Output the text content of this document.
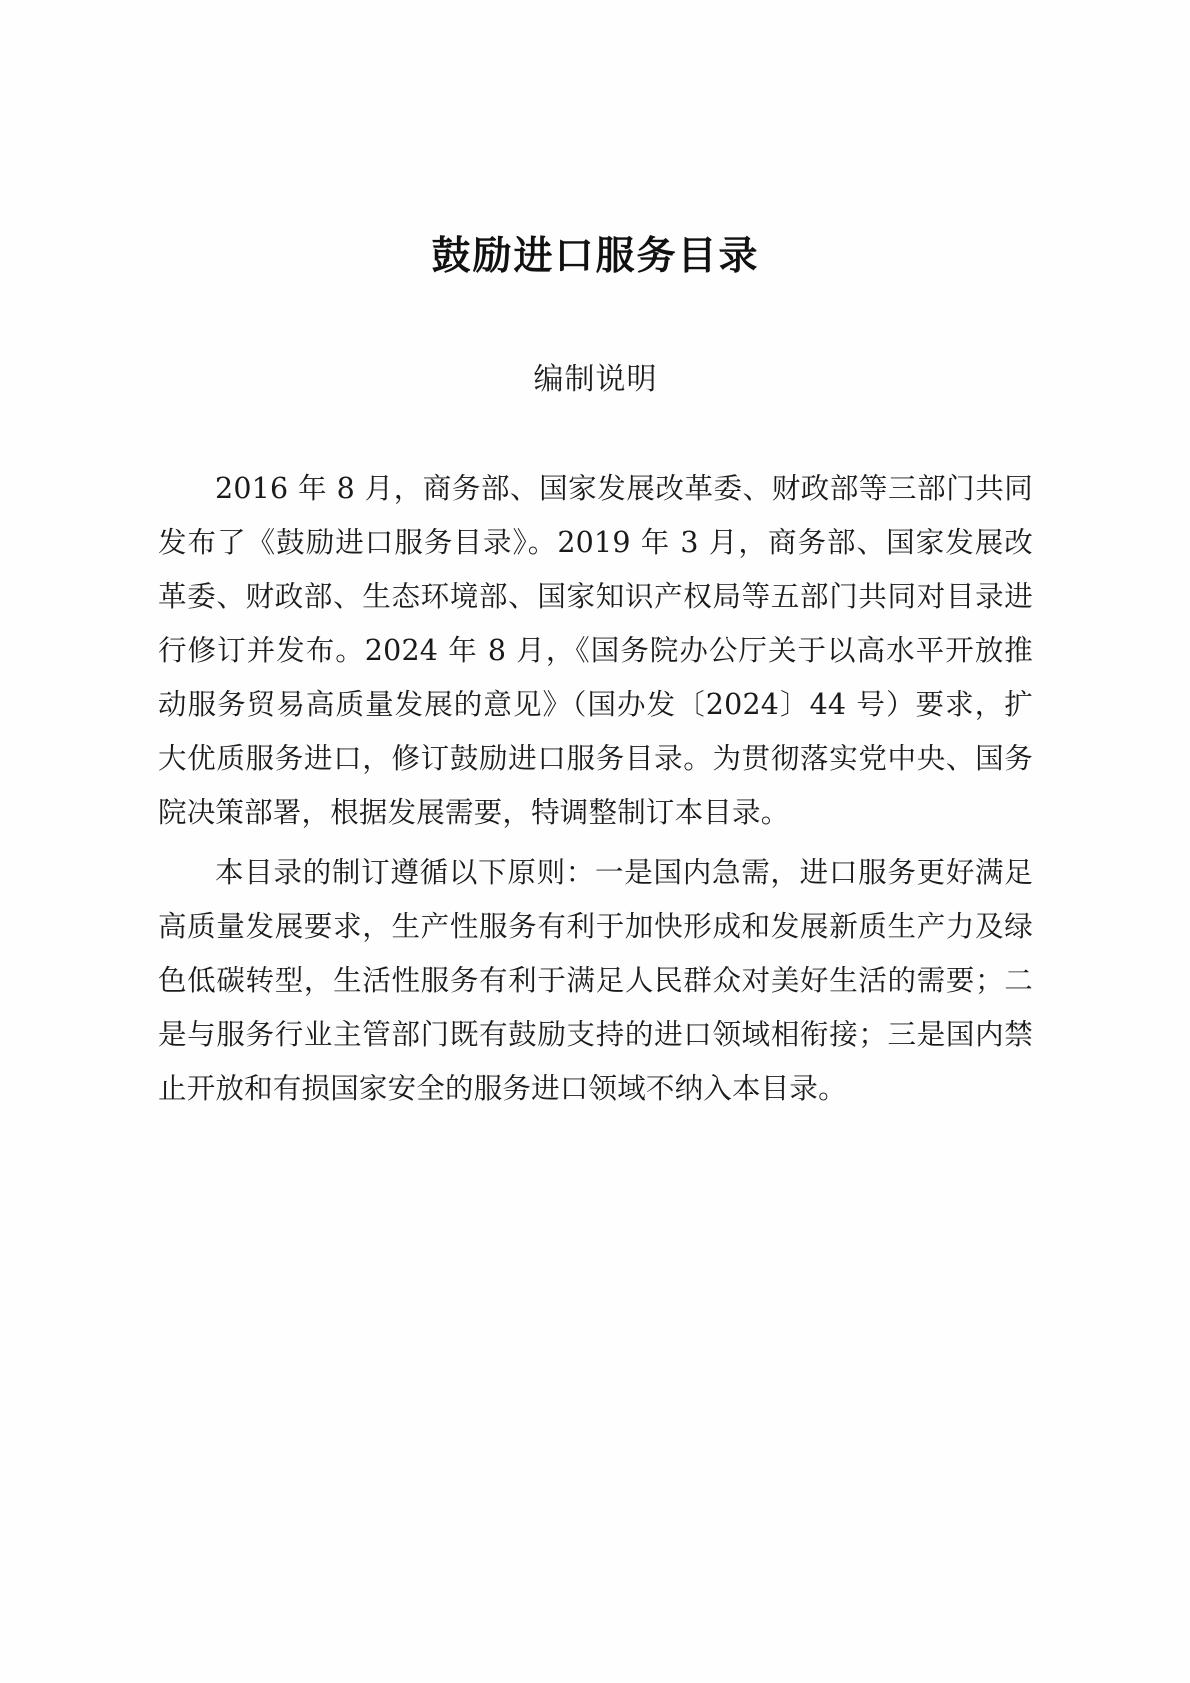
鼓励进口服务目录
编制说明

2016 年 8 月，商务部、国家发展改革委、财政部等三部门共同发布了《鼓励进口服务目录》。2019 年 3 月，商务部、国家发展改革委、财政部、生态环境部、国家知识产权局等五部门共同对目录进行修订并发布。2024 年 8 月，《国务院办公厅关于以高水平开放推动服务贸易高质量发展的意见》（国办发〔2024〕44 号）要求，扩大优质服务进口，修订鼓励进口服务目录。为贯彻落实党中央、国务院决策部署，根据发展需要，特调整制订本目录。

本目录的制订遵循以下原则：一是国内急需，进口服务更好满足高质量发展要求，生产性服务有利于加快形成和发展新质生产力及绿色低碳转型，生活性服务有利于满足人民群众对美好生活的需要；二是与服务行业主管部门既有鼓励支持的进口领域相衔接；三是国内禁止开放和有损国家安全的服务进口领域不纳入本目录。
